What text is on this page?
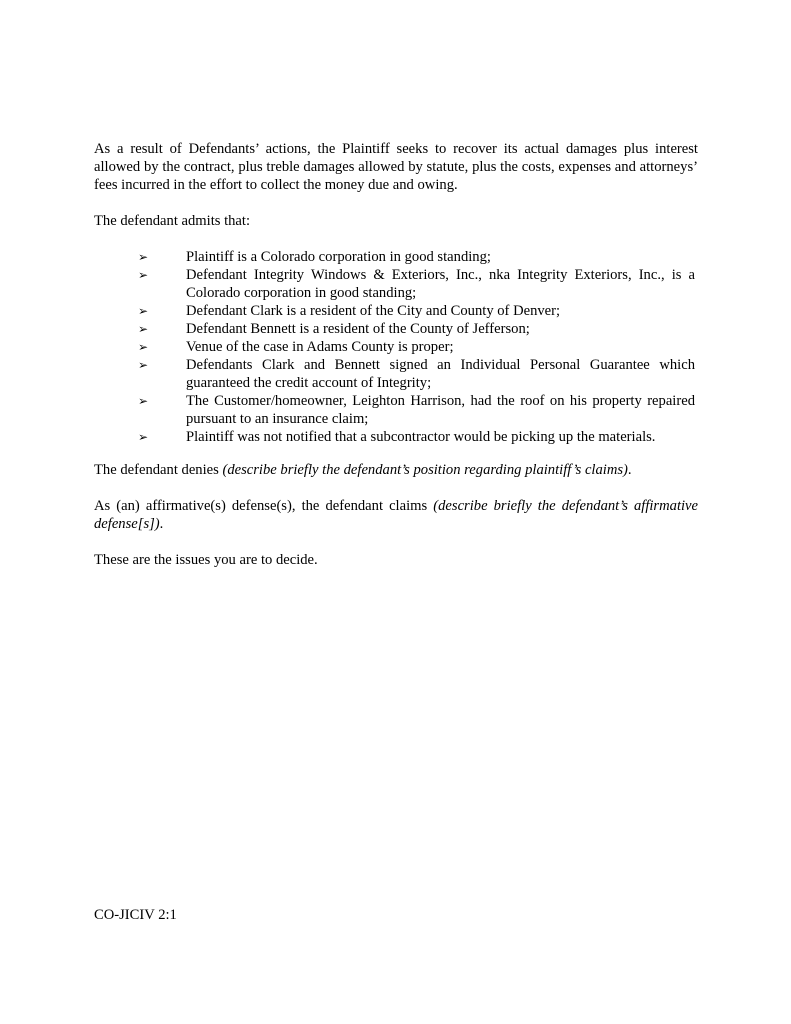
As a result of Defendants’ actions, the Plaintiff seeks to recover its actual damages plus interest allowed by the contract, plus treble damages allowed by statute, plus the costs, expenses and attorneys’ fees incurred in the effort to collect the money due and owing.

The defendant admits that:

➢	Plaintiff is a Colorado corporation in good standing;
➢	Defendant Integrity Windows & Exteriors, Inc., nka Integrity Exteriors, Inc., is a Colorado corporation in good standing;
➢	Defendant Clark is a resident of the City and County of Denver;
➢	Defendant Bennett is a resident of the County of Jefferson;
➢	Venue of the case in Adams County is proper;
➢	Defendants Clark and Bennett signed an Individual Personal Guarantee which guaranteed the credit account of Integrity;
➢	The Customer/homeowner, Leighton Harrison, had the roof on his property repaired pursuant to an insurance claim;
➢	Plaintiff was not notified that a subcontractor would be picking up the materials.

The defendant denies (describe briefly the defendant’s position regarding plaintiff’s claims).

As (an) affirmative(s) defense(s), the defendant claims (describe briefly the defendant’s affirmative defense[s]).

These are the issues you are to decide.

CO-JICIV 2:1
